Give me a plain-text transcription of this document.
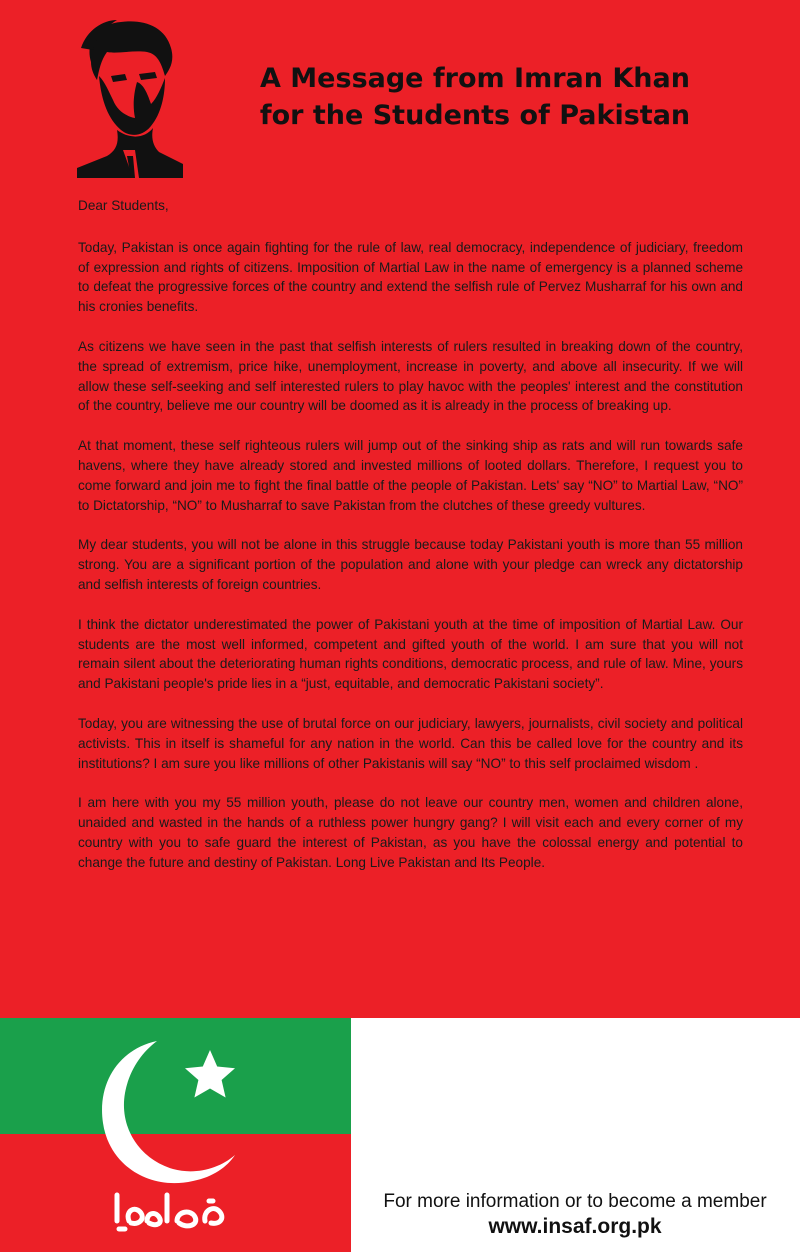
A Message from Imran Khan
for the Students of Pakistan

Dear Students,

Today, Pakistan is once again fighting for the rule of law, real democracy, independence of judiciary, freedom of expression and rights of citizens. Imposition of Martial Law in the name of emergency is a planned scheme to defeat the progressive forces of the country and extend the selfish rule of Pervez Musharraf for his own and his cronies benefits.

As citizens we have seen in the past that selfish interests of rulers resulted in breaking down of the country, the spread of extremism, price hike, unemployment, increase in poverty, and above all insecurity. If we will allow these self-seeking and self interested rulers to play havoc with the peoples' interest and the constitution of the country, believe me our country will be doomed as it is already in the process of breaking up.

At that moment, these self righteous rulers will jump out of the sinking ship as rats and will run towards safe havens, where they have already stored and invested millions of looted dollars. Therefore, I request you to come forward and join me to fight the final battle of the people of Pakistan. Lets' say “NO” to Martial Law, “NO” to Dictatorship, “NO” to Musharraf to save Pakistan from the clutches of these greedy vultures.

My dear students, you will not be alone in this struggle because today Pakistani youth is more than 55 million strong. You are a significant portion of the population and alone with your pledge can wreck any dictatorship and selfish interests of foreign countries.

I think the dictator underestimated the power of Pakistani youth at the time of imposition of Martial Law. Our students are the most well informed, competent and gifted youth of the world. I am sure that you will not remain silent about the deteriorating human rights conditions, democratic process, and rule of law. Mine, yours and Pakistani people's pride lies in a “just, equitable, and democratic Pakistani society”.

Today, you are witnessing the use of brutal force on our judiciary, lawyers, journalists, civil society and political activists. This in itself is shameful for any nation in the world. Can this be called love for the country and its institutions? I am sure you like millions of other Pakistanis will say “NO” to this self proclaimed wisdom .

I am here with you my 55 million youth, please do not leave our country men, women and children alone, unaided and wasted in the hands of a ruthless power hungry gang? I will visit each and every corner of my country with you to safe guard the interest of Pakistan, as you have the colossal energy and potential to change the future and destiny of Pakistan. Long Live Pakistan and Its People.

For more information or to become a member

www.insaf.org.pk
